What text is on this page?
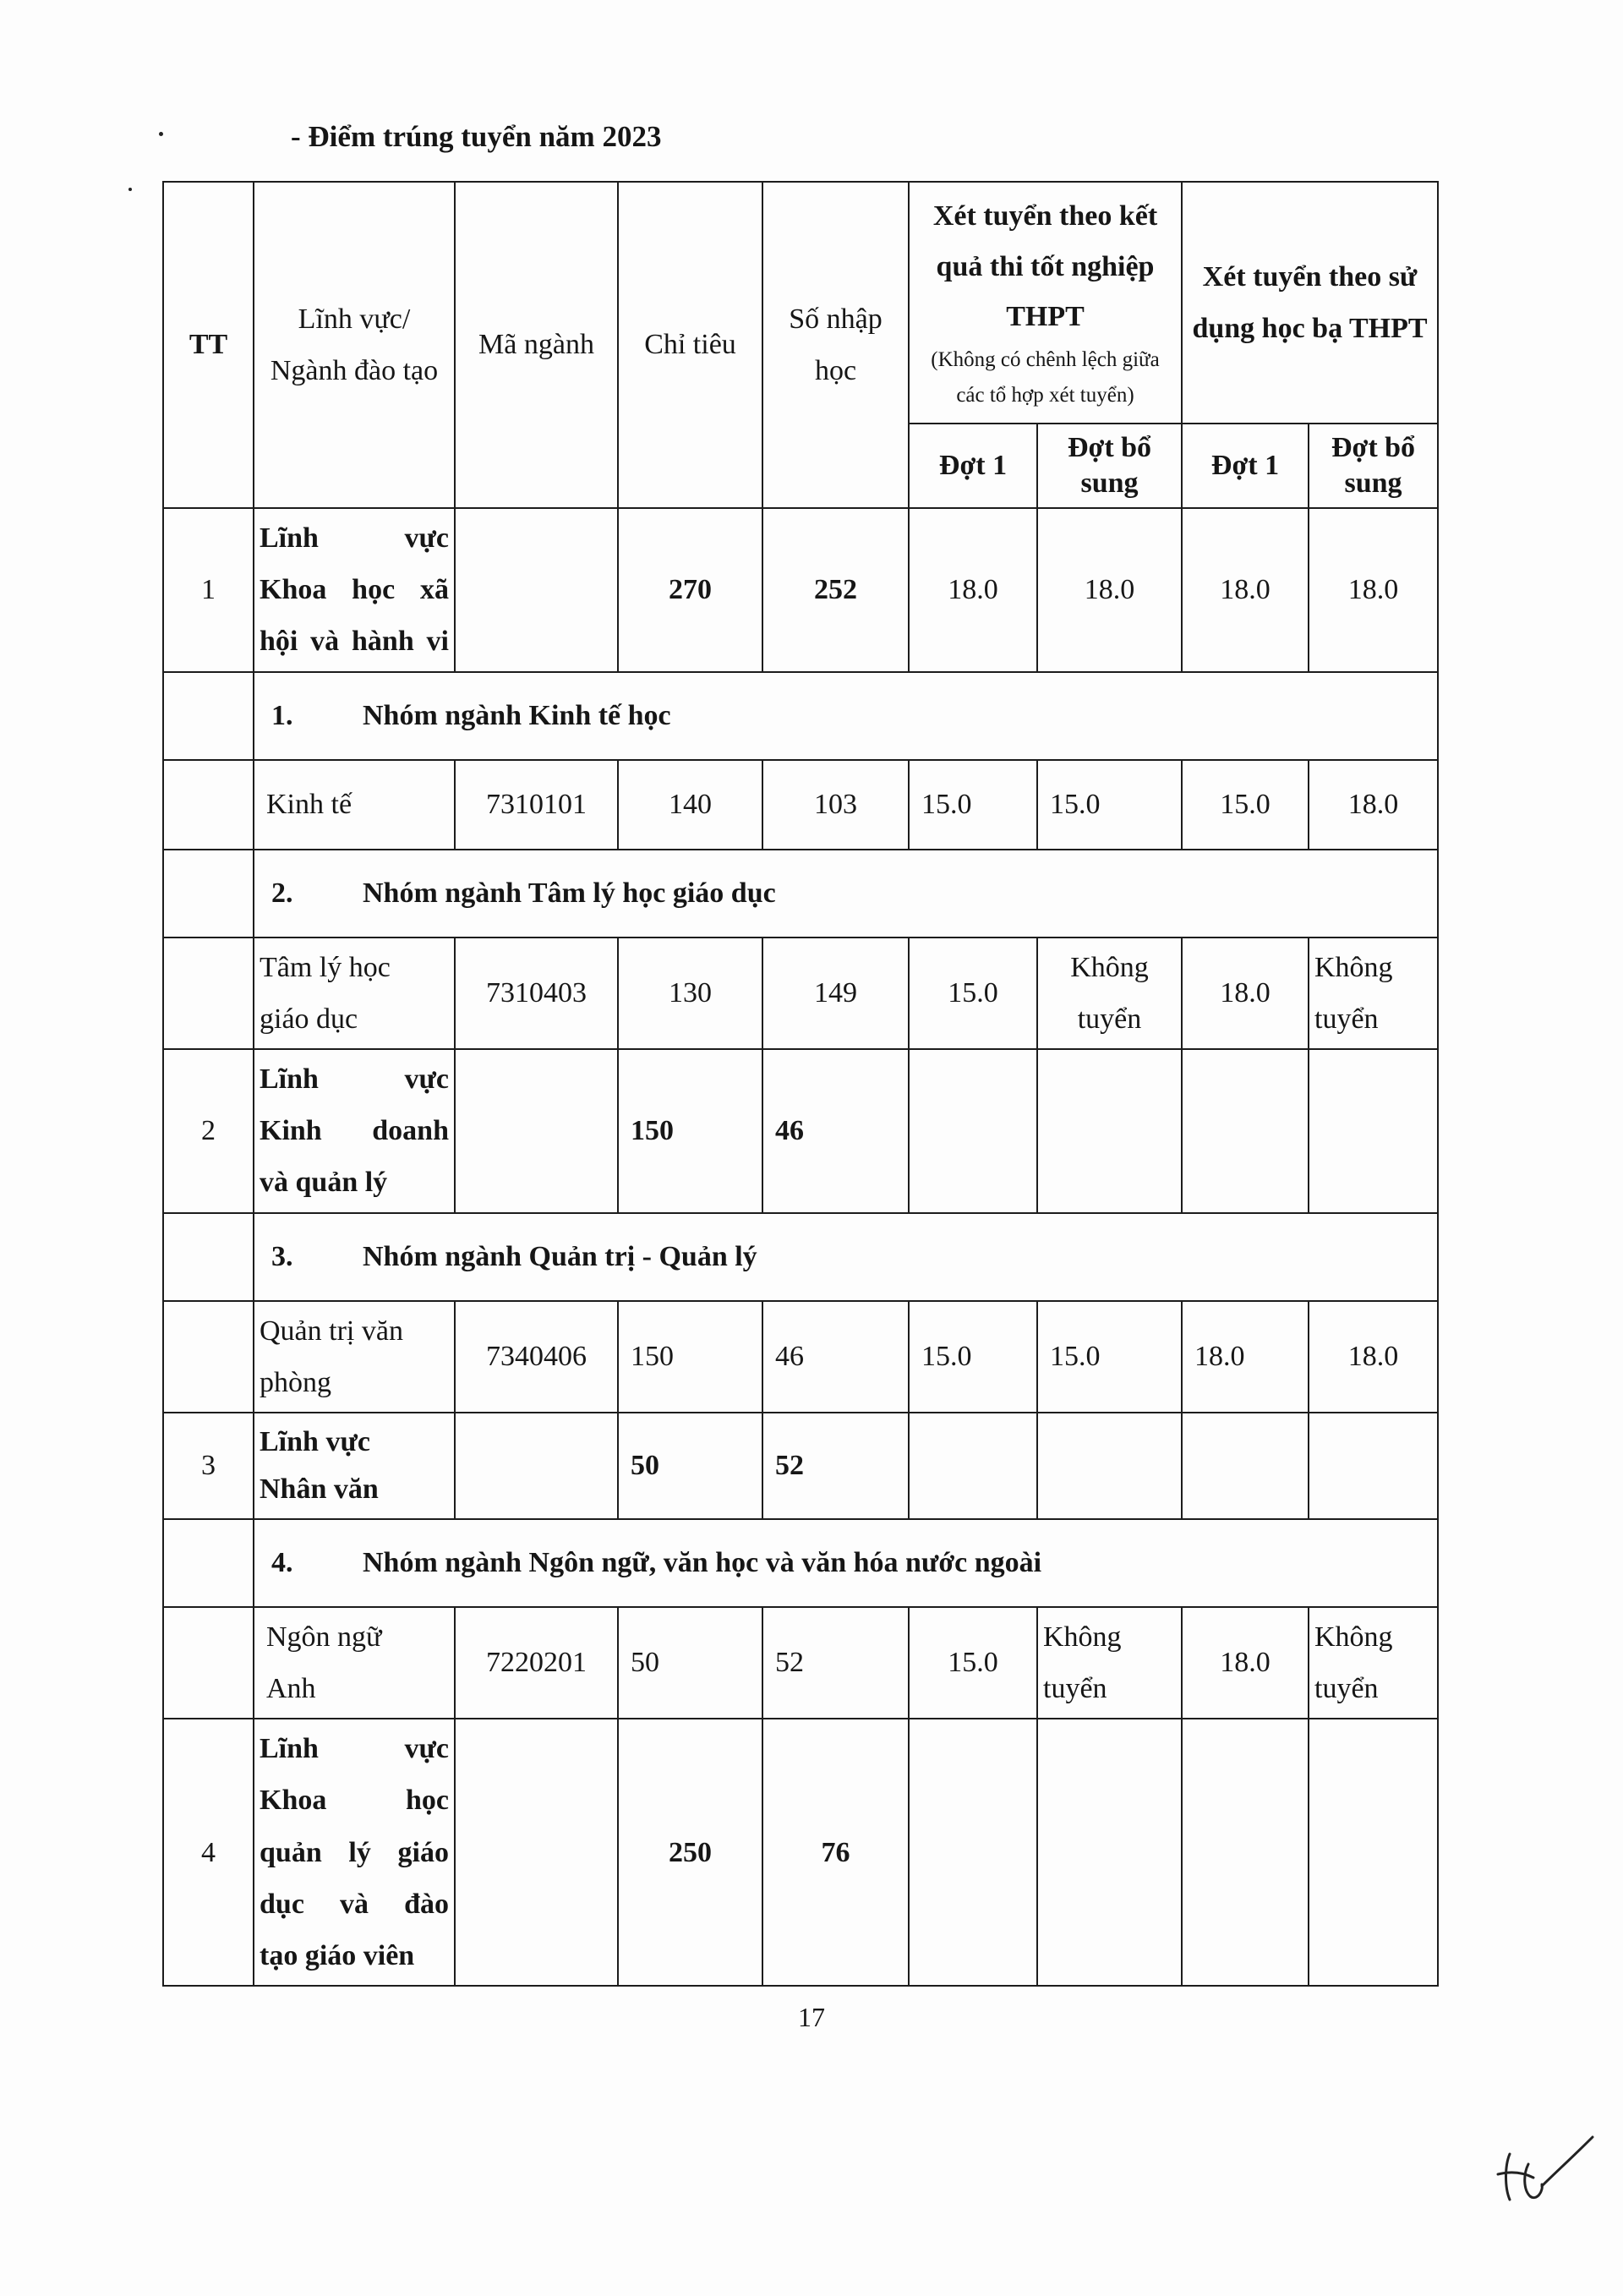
- Điểm trúng tuyển năm 2023
TT	Lĩnh vực/ Ngành đào tạo	Mã ngành	Chỉ tiêu	Số nhập học	Xét tuyển theo kết quả thi tốt nghiệp THPT
(Không có chênh lệch giữa các tổ hợp xét tuyển)		Xét tuyển theo sử dụng học bạ THPT	
					Đợt 1	Đợt bổ sung	Đợt 1	Đợt bổ sung
1	Lĩnh vực
Khoa học xã
hội và hành vi		270	252	18.0	18.0	18.0	18.0
	1. Nhóm ngành Kinh tế học							
	Kinh tế	7310101	140	103	15.0	15.0	15.0	18.0
	2. Nhóm ngành Tâm lý học giáo dục							
	Tâm lý học giáo dục	7310403	130	149	15.0	Không tuyển	18.0	Không tuyển
2	Lĩnh vực
Kinh doanh
và quản lý		150	46				
	3. Nhóm ngành Quản trị - Quản lý							
	Quản trị văn phòng	7340406	150	46	15.0	15.0	18.0	18.0
3	Lĩnh vực
Nhân văn		50	52				
	4. Nhóm ngành Ngôn ngữ, văn học và văn hóa nước ngoài							
	Ngôn ngữ Anh	7220201	50	52	15.0	Không tuyển	18.0	Không tuyển
4	Lĩnh vực
Khoa học
quản lý giáo
dục và đào
tạo giáo viên		250	76				
17
